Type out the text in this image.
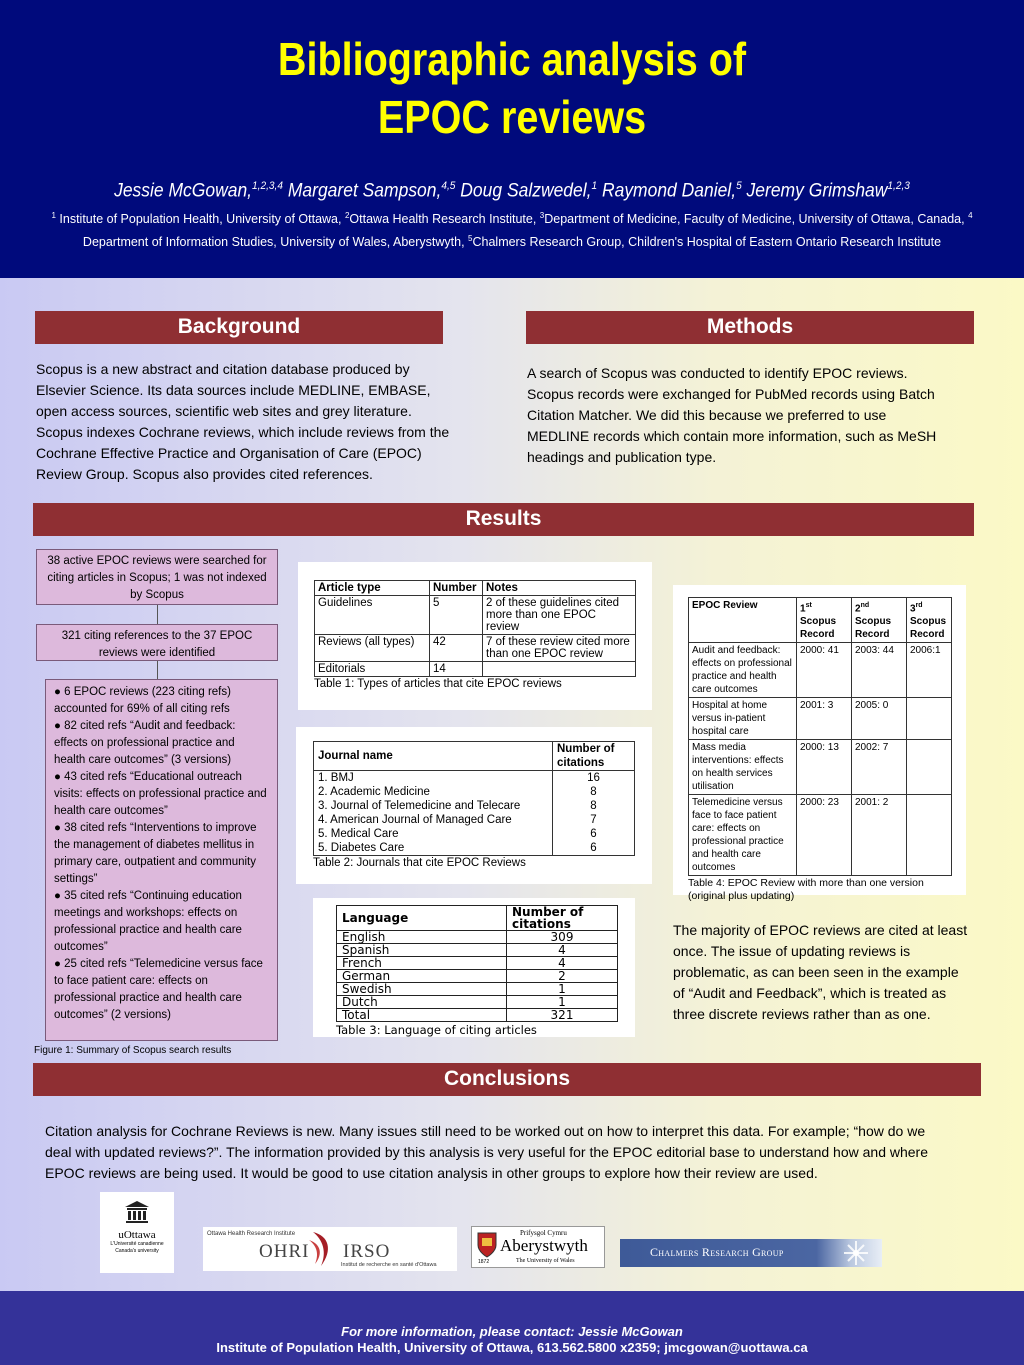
Bibliographic analysis of
EPOC reviews
Jessie McGowan,$^{1,2,3,4}$ Margaret Sampson,$^{4,5}$ Doug Salzwedel,$^1$ Raymond Daniel,$^5$ Jeremy Grimshaw$^{1,2,3}$
$^1$ Institute of Population Health, University of Ottawa, $^2$Ottawa Health Research Institute, $^3$Department of Medicine, Faculty of Medicine, University of Ottawa, Canada, $^4$ Department of Information Studies, University of Wales, Aberystwyth, $^5$Chalmers Research Group, Children's Hospital of Eastern Ontario Research Institute
Background
Scopus is a new abstract and citation database produced by Elsevier Science. Its data sources include MEDLINE, EMBASE, open access sources, scientific web sites and grey literature. Scopus indexes Cochrane reviews, which include reviews from the Cochrane Effective Practice and Organisation of Care (EPOC) Review Group. Scopus also provides cited references.
Methods
A search of Scopus was conducted to identify EPOC reviews. Scopus records were exchanged for PubMed records using Batch Citation Matcher. We did this because we preferred to use MEDLINE records which contain more information, such as MeSH headings and publication type.
Results
38 active EPOC reviews were searched for citing articles in Scopus; 1 was not indexed by Scopus
321 citing references to the 37 EPOC reviews were identified
● 6 EPOC reviews (223 citing refs) accounted for 69% of all citing refs
● 82 cited refs “Audit and feedback: effects on professional practice and health care outcomes” (3 versions)
● 43 cited refs “Educational outreach visits: effects on professional practice and health care outcomes”
● 38 cited refs “Interventions to improve the management of diabetes mellitus in primary care, outpatient and community settings”
● 35 cited refs “Continuing education meetings and workshops: effects on professional practice and health care outcomes”
● 25 cited refs “Telemedicine versus face to face patient care: effects on professional practice and health care outcomes” (2 versions)
Figure 1: Summary of Scopus search results
Article type	Number	Notes
Guidelines	5	2 of these guidelines cited more than one EPOC review
Reviews (all types)	42	7 of these review cited more than one EPOC review
Editorials	14	
Table 1: Types of articles that cite EPOC reviews
Journal name	Number of citations
1. BMJ	16
2. Academic Medicine	8
3. Journal of Telemedicine and Telecare	8
4. American Journal of Managed Care	7
5. Medical Care	6
5. Diabetes Care	6
Table 2: Journals that cite EPOC Reviews
Language	Number of citations
English	309
Spanish	4
French	4
German	2
Swedish	1
Dutch	1
Total	321
Table 3: Language of citing articles
EPOC Review	1st Scopus Record	2nd Scopus Record	3rd Scopus Record
Audit and feedback: effects on professional practice and health care outcomes	2000: 41	2003: 44	2006:1
Hospital at home versus in-patient hospital care	2001: 3	2005: 0	
Mass media interventions: effects on health services utilisation	2000: 13	2002: 7	
Telemedicine versus face to face patient care: effects on professional practice and health care outcomes	2000: 23	2001: 2	
Table 4: EPOC Review with more than one version (original plus updating)
The majority of EPOC reviews are cited at least once. The issue of updating reviews is problematic, as can been seen in the example of “Audit and Feedback”, which is treated as three discrete reviews rather than as one.
Conclusions
Citation analysis for Cochrane Reviews is new. Many issues still need to be worked out on how to interpret this data. For example; “how do we deal with updated reviews?”. The information provided by this analysis is very useful for the EPOC editorial base to understand how and where EPOC reviews are being used. It would be good to use citation analysis in other groups to explore how their review are used.
uOttawa
L'Université canadienne
Canada's university
Ottawa Health Research Institute
OHRI IRSO
Institut de recherche en santé d'Ottawa	1872
Prifysgol Cymru
Aberystwyth
The University of Wales
Chalmers Research Group
For more information, please contact: Jessie McGowan
Institute of Population Health, University of Ottawa, 613.562.5800 x2359; jmcgowan@uottawa.ca
